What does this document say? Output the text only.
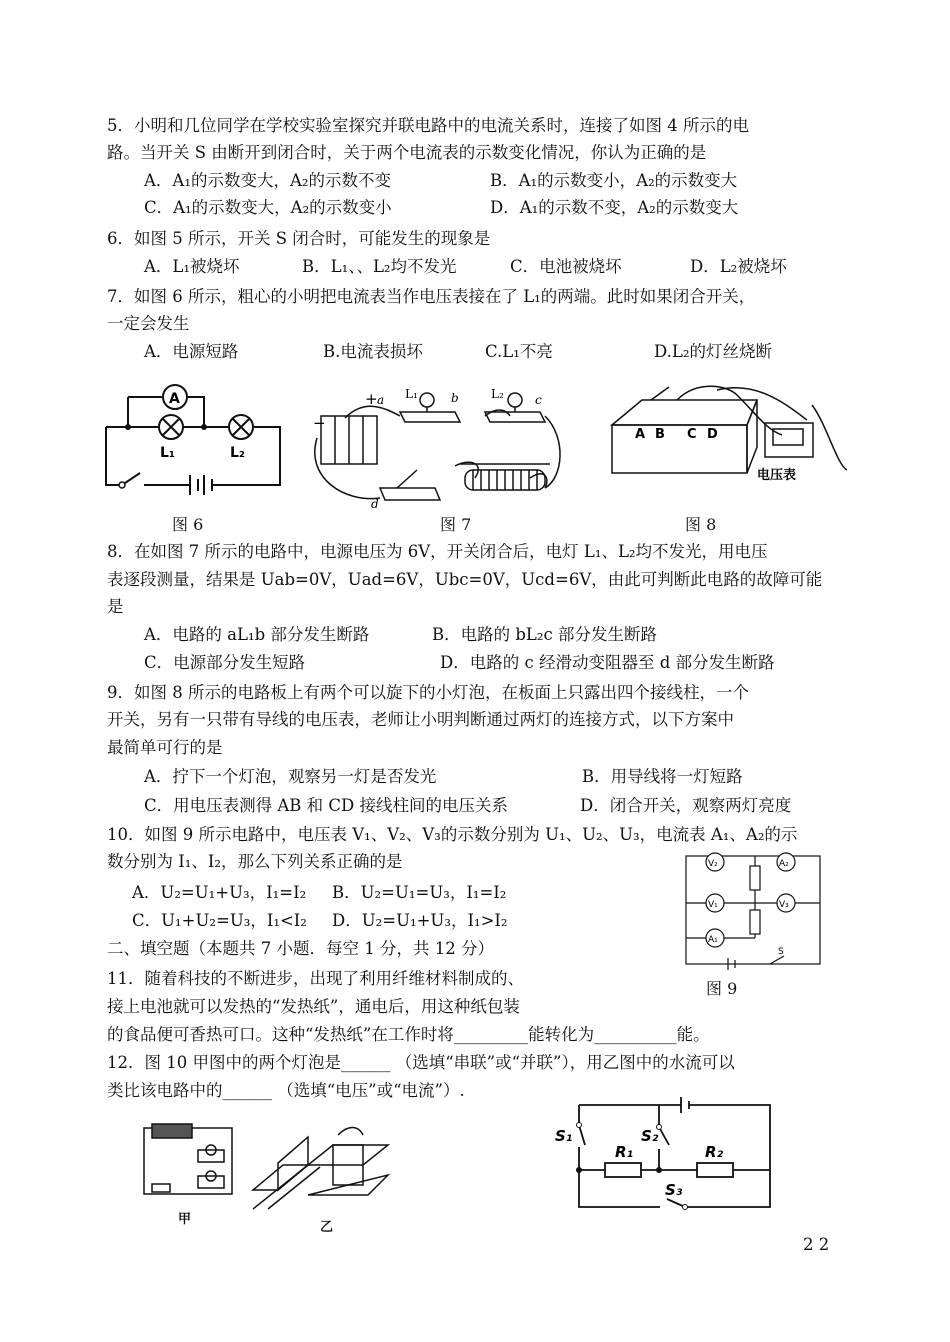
5．小明和几位同学在学校实验室探究并联电路中的电流关系时，连接了如图 4 所示的电
路。当开关 S 由断开到闭合时，关于两个电流表的示数变化情况，你认为正确的是
A．A₁的示数变大，A₂的示数不变	B．A₁的示数变小，A₂的示数变大
C．A₁的示数变大，A₂的示数变小	D．A₁的示数不变，A₂的示数变大
6．如图 5 所示，开关 S 闭合时，可能发生的现象是
A．L₁被烧坏	B．L₁、、L₂均不发光	C．电池被烧坏	D．L₂被烧坏
7．如图 6 所示，粗心的小明把电流表当作电压表接在了 L₁的两端。此时如果闭合开关，
一定会发生
A．电源短路	B.电流表损坏	C.L₁不亮	D.L₂的灯丝烧断
A
L₁	L₂
图 6
+ a L₁	b	L₂	c
d
−
图 7
A B C D
电压表
图 8
8．在如图 7 所示的电路中，电源电压为 6V，开关闭合后，电灯 L₁、L₂均不发光，用电压
表逐段测量，结果是 Uab=0V，Uad=6V，Ubc=0V，Ucd=6V，由此可判断此电路的故障可能
是
A．电路的 aL₁b 部分发生断路	B．电路的 bL₂c 部分发生断路
C．电源部分发生短路	D．电路的 c 经滑动变阻器至 d 部分发生断路
9．如图 8 所示的电路板上有两个可以旋下的小灯泡，在板面上只露出四个接线柱，一个
开关，另有一只带有导线的电压表，老师让小明判断通过两灯的连接方式，以下方案中
最简单可行的是
A．拧下一个灯泡，观察另一灯是否发光	B．用导线将一灯短路
C．用电压表测得 AB 和 CD 接线柱间的电压关系	D．闭合开关，观察两灯亮度
10．如图 9 所示电路中，电压表 V₁、V₂、V₃的示数分别为 U₁、U₂、U₃，电流表 A₁、A₂的示
数分别为 I₁、I₂，那么下列关系正确的是
A．U₂=U₁+U₃，I₁=I₂ B．U₂=U₁=U₃，I₁=I₂
C．U₁+U₂=U₃，I₁<I₂ D．U₂=U₁+U₃，I₁>I₂
V₂	A₂
V₁	V₃
A₁
S
图 9
二、填空题（本题共 7 小题．每空 1 分，共 12 分）
11．随着科技的不断进步，出现了利用纤维材料制成的、
接上电池就可以发热的“发热纸”，通电后，用这种纸包装
的食品便可香热可口。这种“发热纸”在工作时将_________能转化为__________能。
12．图 10 甲图中的两个灯泡是______ （选填“串联”或“并联”），用乙图中的水流可以
类比该电路中的______ （选填“电压”或“电流”）.
甲
乙
S₁	S₂
R₁	R₂
S₃
2 2
